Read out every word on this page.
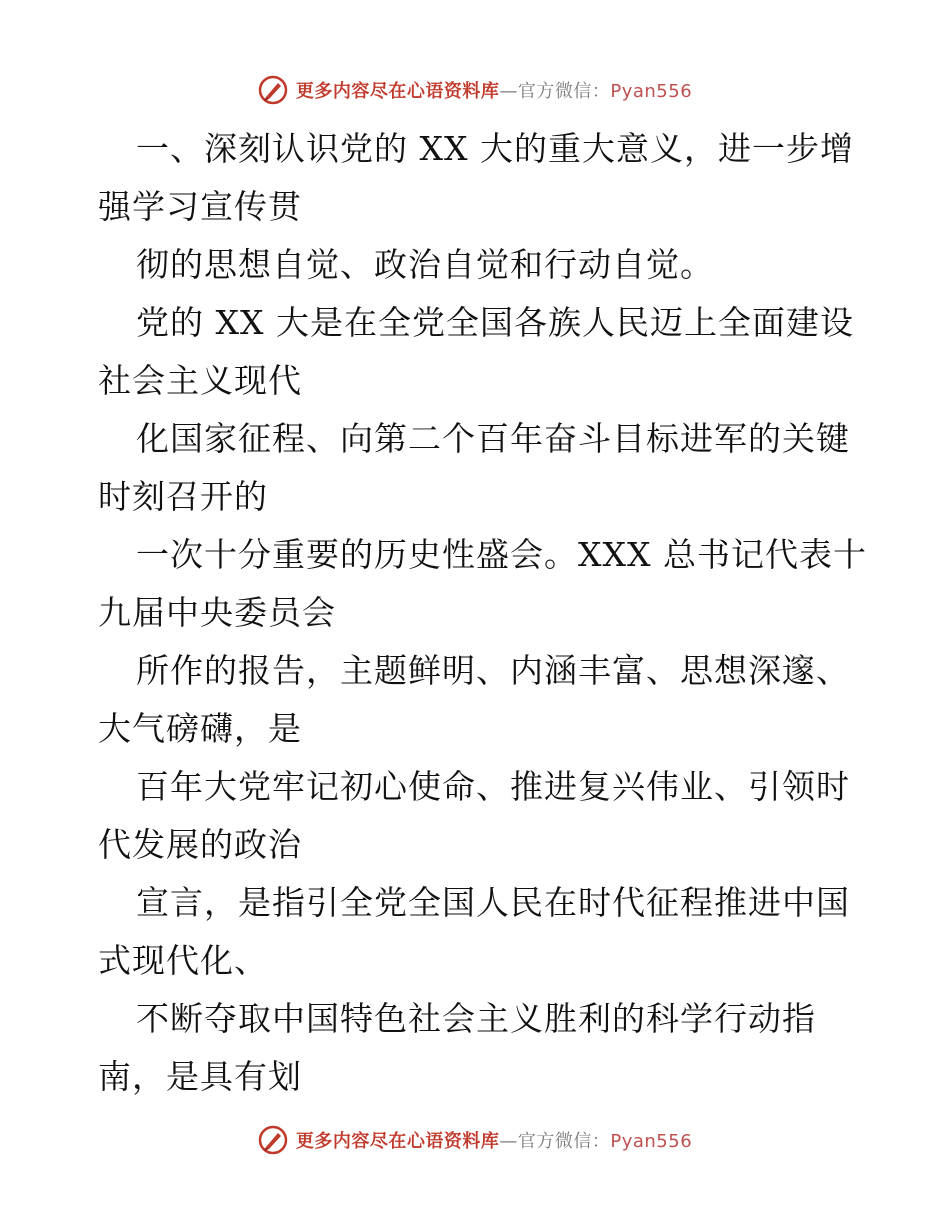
更多内容尽在心语资料库—官方微信：Pyan556
一、深刻认识党的 XX 大的重大意义，进一步增
强学习宣传贯
彻的思想自觉、政治自觉和行动自觉。
党的 XX 大是在全党全国各族人民迈上全面建设
社会主义现代
化国家征程、向第二个百年奋斗目标进军的关键
时刻召开的
一次十分重要的历史性盛会。XXX 总书记代表十
九届中央委员会
所作的报告，主题鲜明、内涵丰富、思想深邃、
大气磅礴，是
百年大党牢记初心使命、推进复兴伟业、引领时
代发展的政治
宣言，是指引全党全国人民在时代征程推进中国
式现代化、
不断夺取中国特色社会主义胜利的科学行动指
南，是具有划
更多内容尽在心语资料库—官方微信：Pyan556
